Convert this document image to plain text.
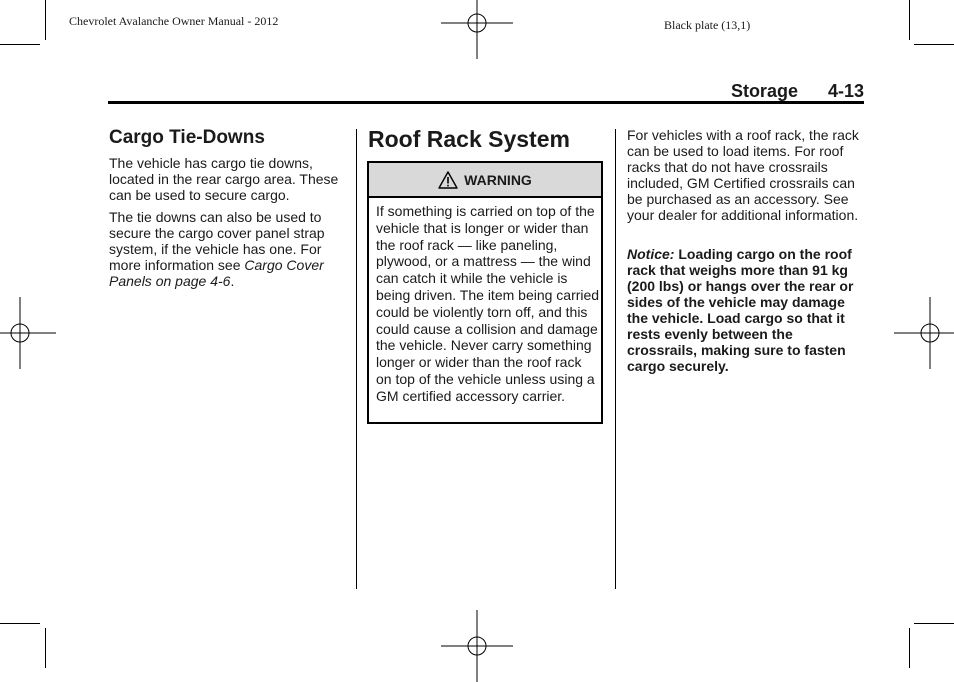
Chevrolet Avalanche Owner Manual - 2012	Black plate (13,1)
Storage 4-13
Cargo Tie-Downs

The vehicle has cargo tie downs, located in the rear cargo area. These can be used to secure cargo.

The tie downs can also be used to secure the cargo cover panel strap system, if the vehicle has one. For more information see Cargo Cover Panels on page 4-6.

Roof Rack System
WARNING
If something is carried on top of the vehicle that is longer or wider than the roof rack — like paneling, plywood, or a mattress — the wind can catch it while the vehicle is being driven. The item being carried could be violently torn off, and this could cause a collision and damage the vehicle. Never carry something longer or wider than the roof rack on top of the vehicle unless using a GM certified accessory carrier.

For vehicles with a roof rack, the rack can be used to load items. For roof racks that do not have crossrails included, GM Certified crossrails can be purchased as an accessory. See your dealer for additional information.

Notice: Loading cargo on the roof rack that weighs more than 91 kg (200 lbs) or hangs over the rear or sides of the vehicle may damage the vehicle. Load cargo so that it rests evenly between the crossrails, making sure to fasten cargo securely.
